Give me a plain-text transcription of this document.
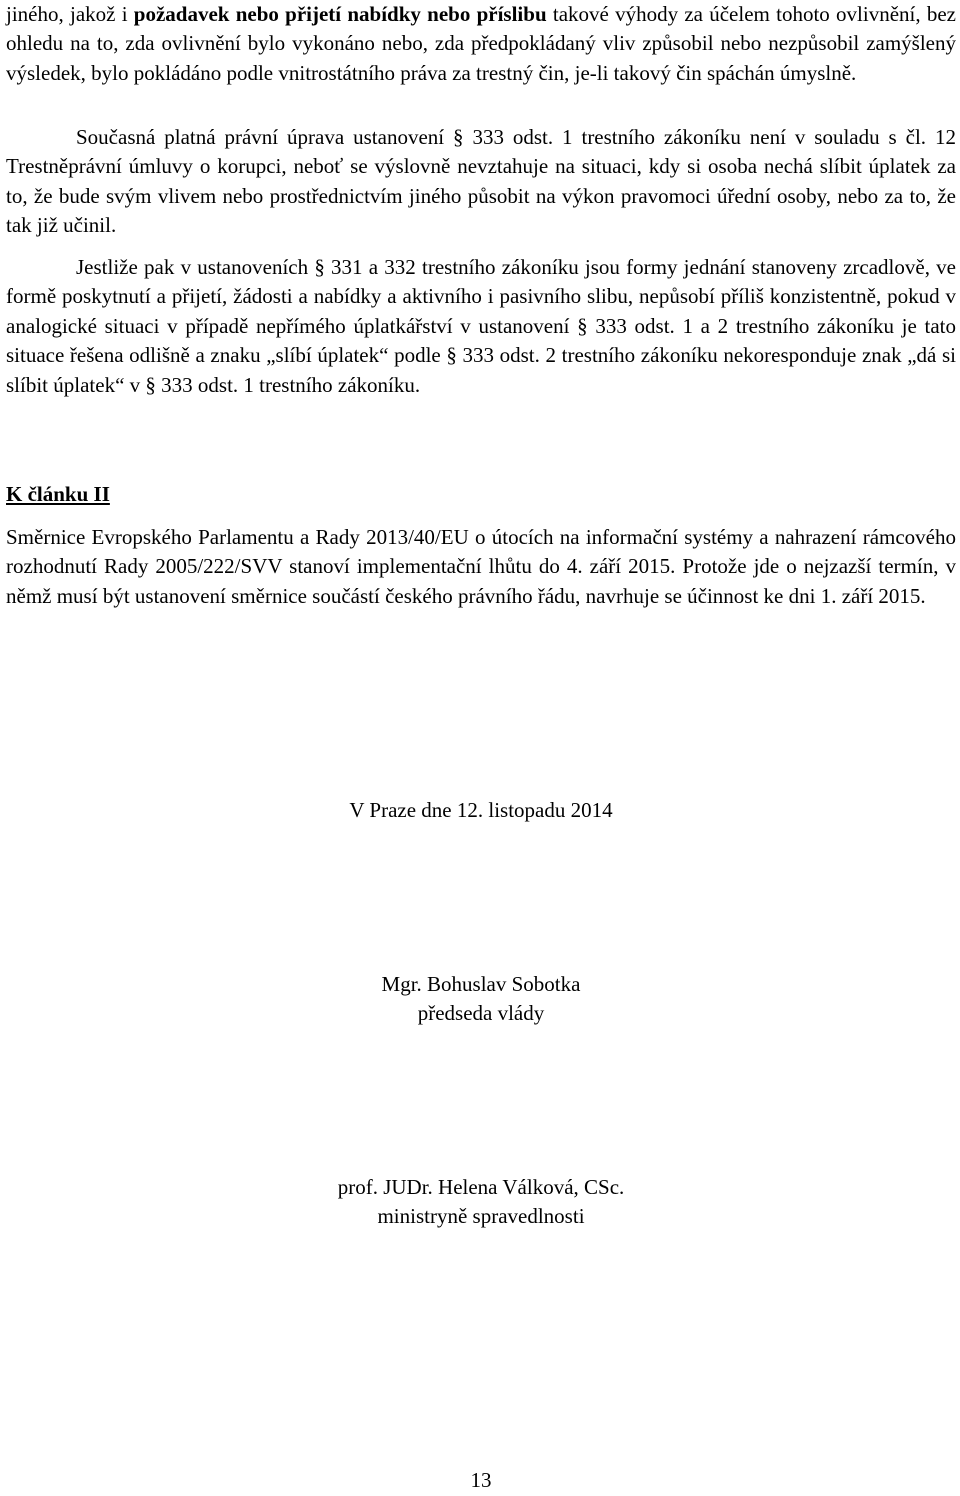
jiného, jakož i požadavek nebo přijetí nabídky nebo příslibu takové výhody za účelem tohoto ovlivnění, bez ohledu na to, zda ovlivnění bylo vykonáno nebo, zda předpokládaný vliv způsobil nebo nezpůsobil zamýšlený výsledek, bylo pokládáno podle vnitrostátního práva za trestný čin, je-li takový čin spáchán úmyslně.

Současná platná právní úprava ustanovení § 333 odst. 1 trestního zákoníku není v souladu s čl. 12 Trestněprávní úmluvy o korupci, neboť se výslovně nevztahuje na situaci, kdy si osoba nechá slíbit úplatek za to, že bude svým vlivem nebo prostřednictvím jiného působit na výkon pravomoci úřední osoby, nebo za to, že tak již učinil.

Jestliže pak v ustanoveních § 331 a 332 trestního zákoníku jsou formy jednání stanoveny zrcadlově, ve formě poskytnutí a přijetí, žádosti a nabídky a aktivního i pasivního slibu, nepůsobí příliš konzistentně, pokud v analogické situaci v případě nepřímého úplatkářství v ustanovení § 333 odst. 1 a 2 trestního zákoníku je tato situace řešena odlišně a znaku „slíbí úplatek“ podle § 333 odst. 2 trestního zákoníku nekoresponduje znak „dá si slíbit úplatek“ v § 333 odst. 1 trestního zákoníku.

K článku II

Směrnice Evropského Parlamentu a Rady 2013/40/EU o útocích na informační systémy a nahrazení rámcového rozhodnutí Rady 2005/222/SVV stanoví implementační lhůtu do 4. září 2015. Protože jde o nejzazší termín, v němž musí být ustanovení směrnice součástí českého právního řádu, navrhuje se účinnost ke dni 1. září 2015.

V Praze dne 12. listopadu 2014

Mgr. Bohuslav Sobotka
předseda vlády
prof. JUDr. Helena Válková, CSc.
ministryně spravedlnosti
13
